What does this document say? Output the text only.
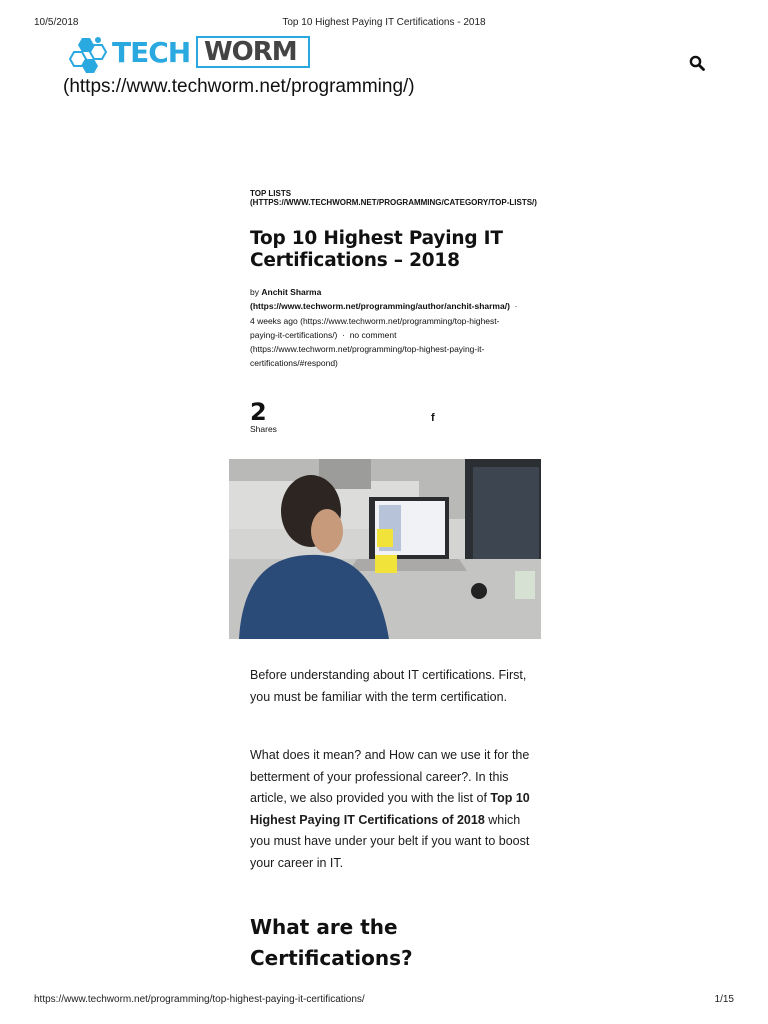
10/5/2018	Top 10 Highest Paying IT Certifications - 2018
TECH WORM
(https://www.techworm.net/programming/)
TOP LISTS
(HTTPS://WWW.TECHWORM.NET/PROGRAMMING/CATEGORY/TOP-LISTS/)
Top 10 Highest Paying IT Certifications – 2018
by Anchit Sharma (https://www.techworm.net/programming/author/anchit-sharma/) ·  4 weeks ago (https://www.techworm.net/programming/top-highest-paying-it-certifications/) · no comment (https://www.techworm.net/programming/top-highest-paying-it-certifications/#respond)
2
Shares
f
Before understanding about IT certifications. First, you must be familiar with the term certification.
What does it mean? and How can we use it for the betterment of your professional career?. In this article, we also provided you with the list of Top 10 Highest Paying IT Certifications of 2018 which you must have under your belt if you want to boost your career in IT.
What are the Certifications?
https://www.techworm.net/programming/top-highest-paying-it-certifications/	1/15
